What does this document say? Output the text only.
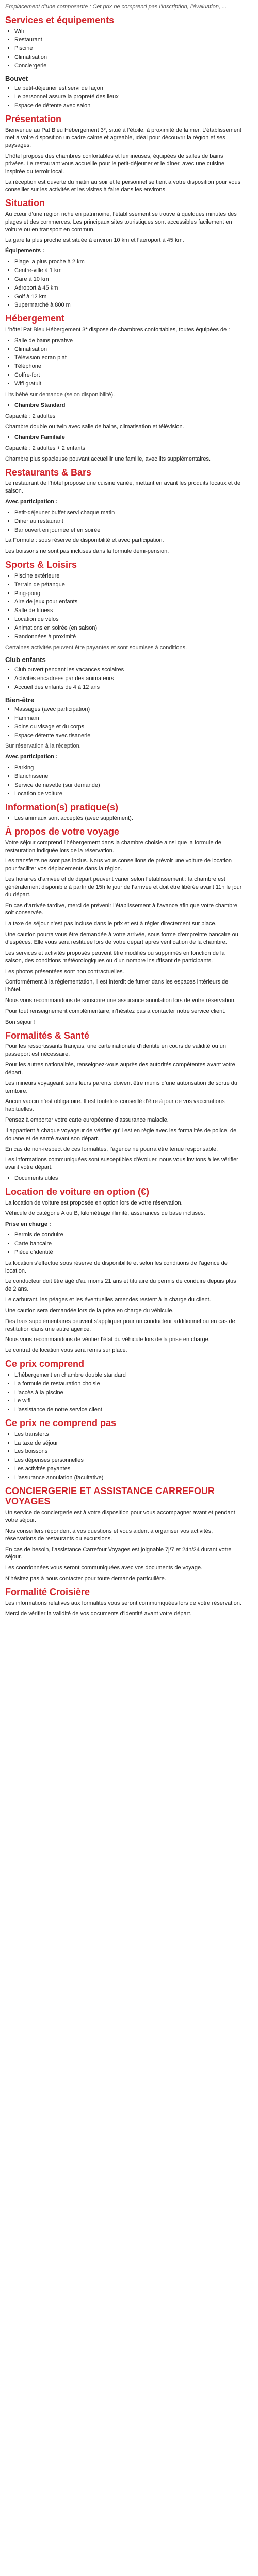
Emplacement d’une composante : Cet prix ne comprend pas l’inscription, l’évaluation, ...

Services et équipements
• Wifi
• Restaurant
• Piscine
• Climatisation
• Conciergerie
Bouvet
• Le petit-déjeuner est servi de façon
• Le personnel assure la propreté des lieux
• Espace de détente avec salon
Présentation

Bienvenue au Pat Bleu Hébergement 3*, situé à l’étoile, à proximité de la mer. L’établissement met à votre disposition un cadre calme et agréable, idéal pour découvrir la région et ses paysages.

L’hôtel propose des chambres confortables et lumineuses, équipées de salles de bains privées. Le restaurant vous accueille pour le petit-déjeuner et le dîner, avec une cuisine inspirée du terroir local.

La réception est ouverte du matin au soir et le personnel se tient à votre disposition pour vous conseiller sur les activités et les visites à faire dans les environs.

Situation

Au cœur d’une région riche en patrimoine, l’établissement se trouve à quelques minutes des plages et des commerces. Les principaux sites touristiques sont accessibles facilement en voiture ou en transport en commun.

La gare la plus proche est située à environ 10 km et l’aéroport à 45 km.

Équipements :

• Plage la plus proche à 2 km
• Centre-ville à 1 km
• Gare à 10 km
• Aéroport à 45 km
• Golf à 12 km
• Supermarché à 800 m
Hébergement

L’hôtel Pat Bleu Hébergement 3* dispose de chambres confortables, toutes équipées de :

• Salle de bains privative
• Climatisation
• Télévision écran plat
• Téléphone
• Coffre-fort
• Wifi gratuit

Lits bébé sur demande (selon disponibilité).

• Chambre Standard

Capacité : 2 adultes

Chambre double ou twin avec salle de bains, climatisation et télévision.

• Chambre Familiale

Capacité : 2 adultes + 2 enfants

Chambre plus spacieuse pouvant accueillir une famille, avec lits supplémentaires.

Restaurants & Bars

Le restaurant de l’hôtel propose une cuisine variée, mettant en avant les produits locaux et de saison.

Avec participation :

• Petit-déjeuner buffet servi chaque matin
• Dîner au restaurant
• Bar ouvert en journée et en soirée

La Formule : sous réserve de disponibilité et avec participation.

Les boissons ne sont pas incluses dans la formule demi-pension.

Sports & Loisirs
• Piscine extérieure
• Terrain de pétanque
• Ping-pong
• Aire de jeux pour enfants
• Salle de fitness
• Location de vélos
• Animations en soirée (en saison)
• Randonnées à proximité

Certaines activités peuvent être payantes et sont soumises à conditions.

Club enfants
• Club ouvert pendant les vacances scolaires
• Activités encadrées par des animateurs
• Accueil des enfants de 4 à 12 ans
Bien-être
• Massages (avec participation)
• Hammam
• Soins du visage et du corps
• Espace détente avec tisanerie

Sur réservation à la réception.

Avec participation :

• Parking
• Blanchisserie
• Service de navette (sur demande)
• Location de voiture
Information(s) pratique(s)
• Les animaux sont acceptés (avec supplément).
À propos de votre voyage

Votre séjour comprend l’hébergement dans la chambre choisie ainsi que la formule de restauration indiquée lors de la réservation.

Les transferts ne sont pas inclus. Nous vous conseillons de prévoir une voiture de location pour faciliter vos déplacements dans la région.

Les horaires d’arrivée et de départ peuvent varier selon l’établissement : la chambre est généralement disponible à partir de 15h le jour de l’arrivée et doit être libérée avant 11h le jour du départ.

En cas d’arrivée tardive, merci de prévenir l’établissement à l’avance afin que votre chambre soit conservée.

La taxe de séjour n’est pas incluse dans le prix et est à régler directement sur place.

Une caution pourra vous être demandée à votre arrivée, sous forme d’empreinte bancaire ou d’espèces. Elle vous sera restituée lors de votre départ après vérification de la chambre.

Les services et activités proposés peuvent être modifiés ou supprimés en fonction de la saison, des conditions météorologiques ou d’un nombre insuffisant de participants.

Les photos présentées sont non contractuelles.

Conformément à la réglementation, il est interdit de fumer dans les espaces intérieurs de l’hôtel.

Nous vous recommandons de souscrire une assurance annulation lors de votre réservation.

Pour tout renseignement complémentaire, n’hésitez pas à contacter notre service client.

Bon séjour !

Formalités & Santé

Pour les ressortissants français, une carte nationale d’identité en cours de validité ou un passeport est nécessaire.

Pour les autres nationalités, renseignez-vous auprès des autorités compétentes avant votre départ.

Les mineurs voyageant sans leurs parents doivent être munis d’une autorisation de sortie du territoire.

Aucun vaccin n’est obligatoire. Il est toutefois conseillé d’être à jour de vos vaccinations habituelles.

Pensez à emporter votre carte européenne d’assurance maladie.

Il appartient à chaque voyageur de vérifier qu’il est en règle avec les formalités de police, de douane et de santé avant son départ.

En cas de non-respect de ces formalités, l’agence ne pourra être tenue responsable.

Les informations communiquées sont susceptibles d’évoluer, nous vous invitons à les vérifier avant votre départ.

• Documents utiles
Location de voiture en option (€)

La location de voiture est proposée en option lors de votre réservation.

Véhicule de catégorie A ou B, kilométrage illimité, assurances de base incluses.

Prise en charge :

• Permis de conduire
• Carte bancaire
• Pièce d’identité

La location s’effectue sous réserve de disponibilité et selon les conditions de l’agence de location.

Le conducteur doit être âgé d’au moins 21 ans et titulaire du permis de conduire depuis plus de 2 ans.

Le carburant, les péages et les éventuelles amendes restent à la charge du client.

Une caution sera demandée lors de la prise en charge du véhicule.

Des frais supplémentaires peuvent s’appliquer pour un conducteur additionnel ou en cas de restitution dans une autre agence.

Nous vous recommandons de vérifier l’état du véhicule lors de la prise en charge.

Le contrat de location vous sera remis sur place.

Ce prix comprend
• L’hébergement en chambre double standard
• La formule de restauration choisie
• L’accès à la piscine
• Le wifi
• L’assistance de notre service client
Ce prix ne comprend pas
• Les transferts
• La taxe de séjour
• Les boissons
• Les dépenses personnelles
• Les activités payantes
• L’assurance annulation (facultative)
CONCIERGERIE ET ASSISTANCE CARREFOUR VOYAGES

Un service de conciergerie est à votre disposition pour vous accompagner avant et pendant votre séjour.

Nos conseillers répondent à vos questions et vous aident à organiser vos activités, réservations de restaurants ou excursions.

En cas de besoin, l’assistance Carrefour Voyages est joignable 7j/7 et 24h/24 durant votre séjour.

Les coordonnées vous seront communiquées avec vos documents de voyage.

N’hésitez pas à nous contacter pour toute demande particulière.

Formalité Croisière

Les informations relatives aux formalités vous seront communiquées lors de votre réservation.

Merci de vérifier la validité de vos documents d’identité avant votre départ.
